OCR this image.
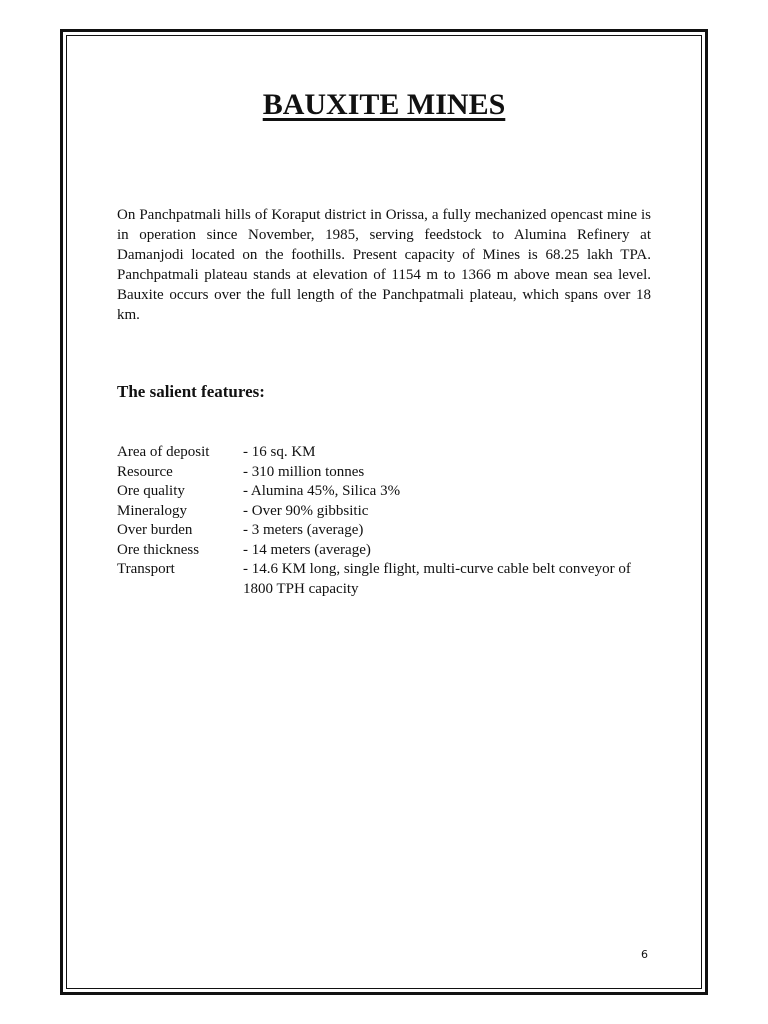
BAUXITE MINES

On Panchpatmali hills of Koraput district in Orissa, a fully mechanized opencast mine is in operation since November, 1985, serving feedstock to Alumina Refinery at Damanjodi located on the foothills. Present capacity of Mines is 68.25 lakh TPA. Panchpatmali plateau stands at elevation of 1154 m to 1366 m above mean sea level. Bauxite occurs over the full length of the Panchpatmali plateau, which spans over 18 km.

The salient features:
Area of deposit	- 16 sq. KM
Resource	- 310 million tonnes
Ore quality	- Alumina 45%, Silica 3%
Mineralogy	- Over 90% gibbsitic
Over burden	- 3 meters (average)
Ore thickness	- 14 meters (average)
Transport	- 14.6 KM long, single flight, multi-curve cable belt conveyor of 1800 TPH capacity
6
